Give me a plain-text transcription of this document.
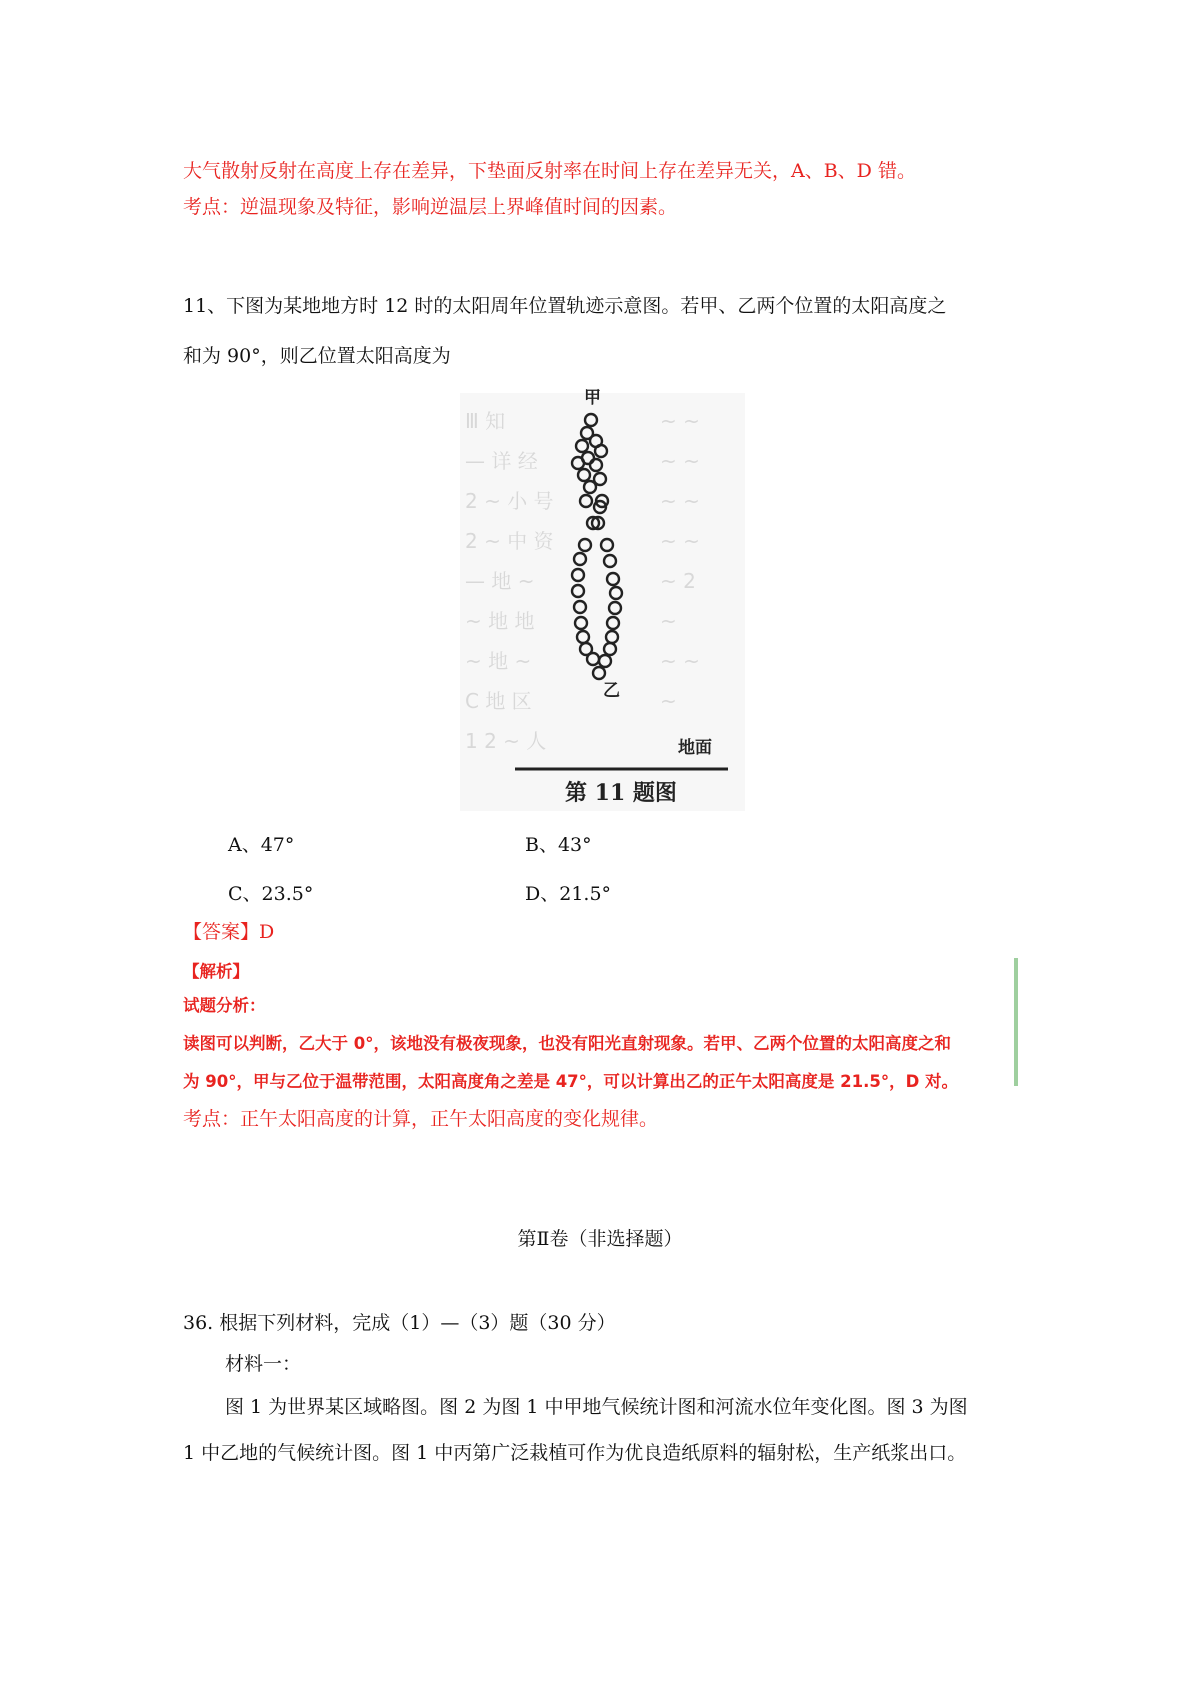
大气散射反射在高度上存在差异，下垫面反射率在时间上存在差异无关，A、B、D 错。
考点：逆温现象及特征，影响逆温层上界峰值时间的因素。
11、下图为某地地方时 12 时的太阳周年位置轨迹示意图。若甲、乙两个位置的太阳高度之
和为 90°，则乙位置太阳高度为
Ⅲ 知
— 详 经
2 ~ 小 号
2 ~ 中 资
— 地 ~
~ 地 地
~ 地 ~
C 地 区
1 2 ~ 人
~ ~
~ ~
~ ~
~ ~
~ 2
~
~ ~
~
甲
乙
地面
第 11 题图
A、47°	B、43°
C、23.5°	D、21.5°
【答案】D
【解析】
试题分析：
读图可以判断，乙大于 0°，该地没有极夜现象，也没有阳光直射现象。若甲、乙两个位置的太阳高度之和
为 90°，甲与乙位于温带范围，太阳高度角之差是 47°，可以计算出乙的正午太阳高度是 21.5°，D 对。
考点：正午太阳高度的计算，正午太阳高度的变化规律。
第Ⅱ卷（非选择题）
36. 根据下列材料，完成（1）—（3）题（30 分）
材料一：
图 1 为世界某区域略图。图 2 为图 1 中甲地气候统计图和河流水位年变化图。图 3 为图
1 中乙地的气候统计图。图 1 中丙第广泛栽植可作为优良造纸原料的辐射松，生产纸浆出口。
